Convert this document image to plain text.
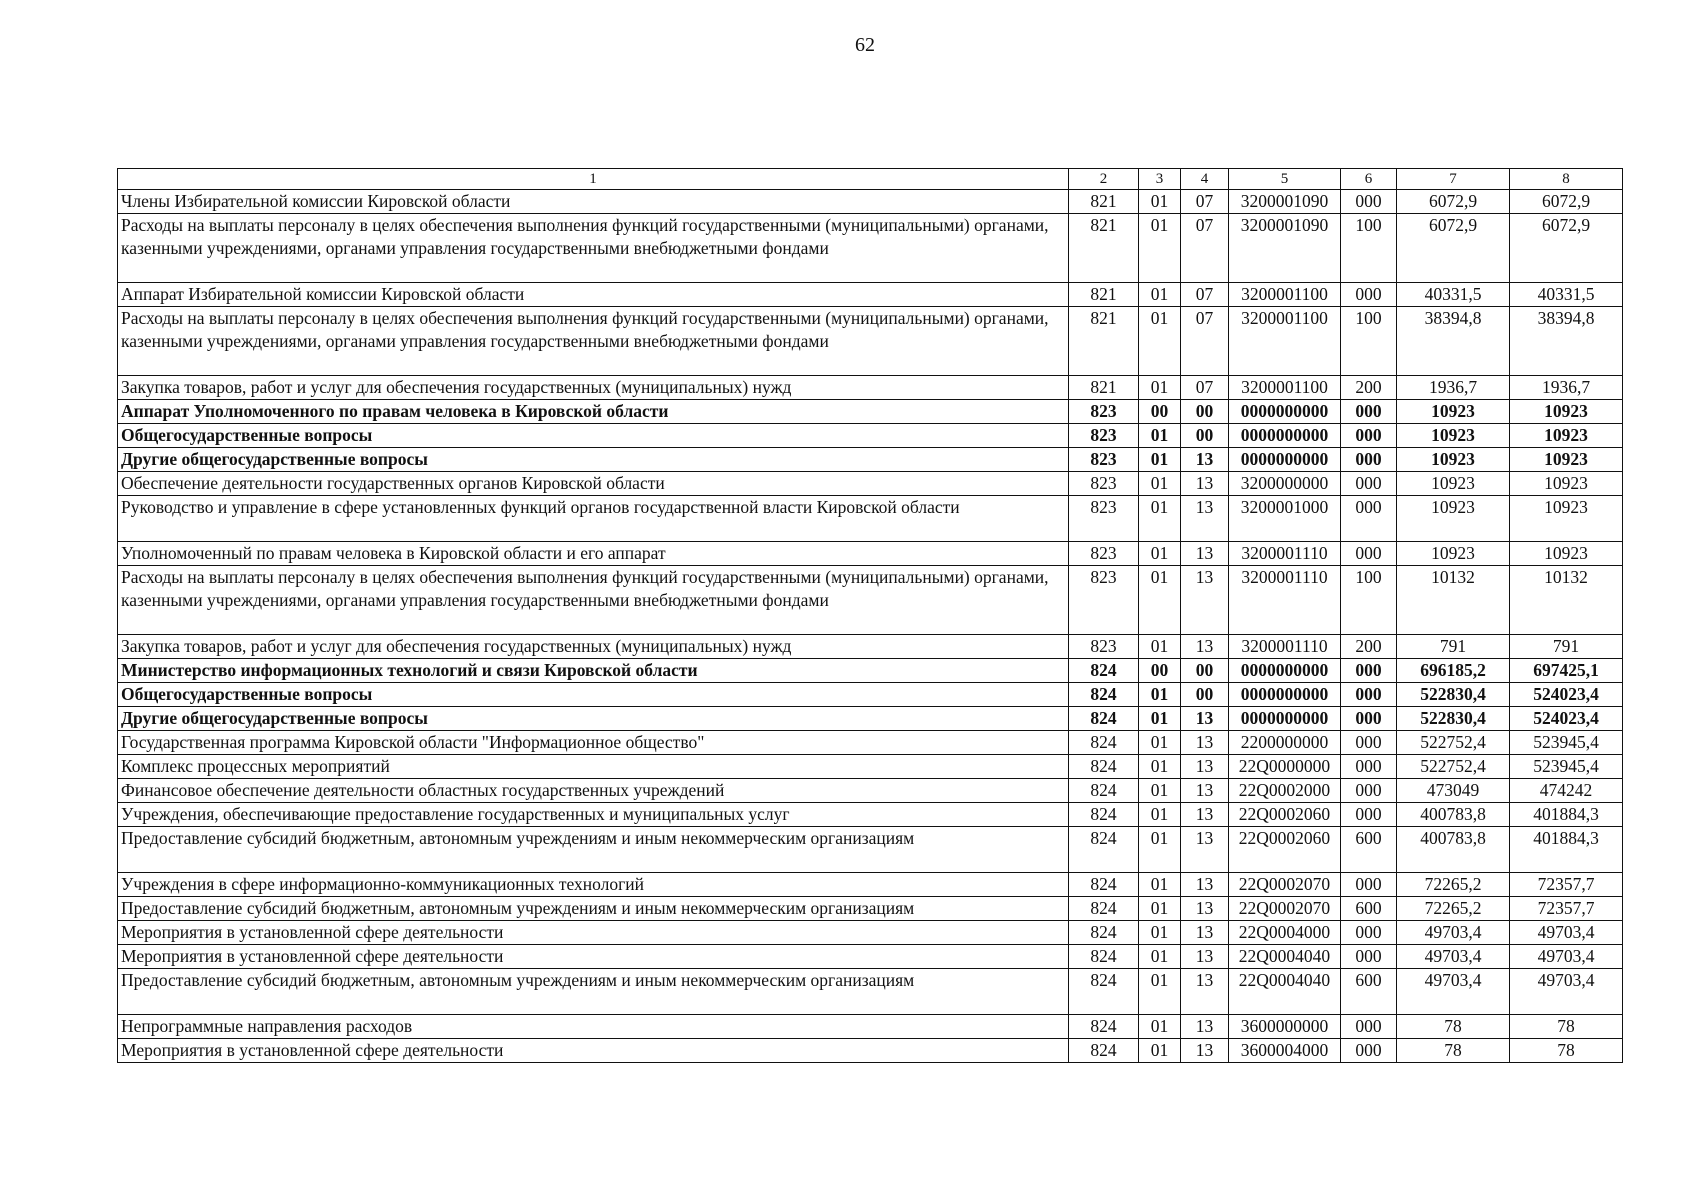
62
1	2	3	4	5	6	7	8
Члены Избирательной комиссии Кировской области	821	01	07	3200001090	000	6072,9	6072,9
Расходы на выплаты персоналу в целях обеспечения выполнения функций государственными (муниципальными) органами, казенными учреждениями, органами управления государственными внебюджетными фондами	821	01	07	3200001090	100	6072,9	6072,9
Аппарат Избирательной комиссии Кировской области	821	01	07	3200001100	000	40331,5	40331,5
Расходы на выплаты персоналу в целях обеспечения выполнения функций государственными (муниципальными) органами, казенными учреждениями, органами управления государственными внебюджетными фондами	821	01	07	3200001100	100	38394,8	38394,8
Закупка товаров, работ и услуг для обеспечения государственных (муниципальных) нужд	821	01	07	3200001100	200	1936,7	1936,7
Аппарат Уполномоченного по правам человека в Кировской области	823	00	00	0000000000	000	10923	10923
Общегосударственные вопросы	823	01	00	0000000000	000	10923	10923
Другие общегосударственные вопросы	823	01	13	0000000000	000	10923	10923
Обеспечение деятельности государственных органов Кировской области	823	01	13	3200000000	000	10923	10923
Руководство и управление в сфере установленных функций органов государственной власти Кировской области	823	01	13	3200001000	000	10923	10923
Уполномоченный по правам человека в Кировской области и его аппарат	823	01	13	3200001110	000	10923	10923
Расходы на выплаты персоналу в целях обеспечения выполнения функций государственными (муниципальными) органами, казенными учреждениями, органами управления государственными внебюджетными фондами	823	01	13	3200001110	100	10132	10132
Закупка товаров, работ и услуг для обеспечения государственных (муниципальных) нужд	823	01	13	3200001110	200	791	791
Министерство информационных технологий и связи Кировской области	824	00	00	0000000000	000	696185,2	697425,1
Общегосударственные вопросы	824	01	00	0000000000	000	522830,4	524023,4
Другие общегосударственные вопросы	824	01	13	0000000000	000	522830,4	524023,4
Государственная программа Кировской области "Информационное общество"	824	01	13	2200000000	000	522752,4	523945,4
Комплекс процессных мероприятий	824	01	13	22Q0000000	000	522752,4	523945,4
Финансовое обеспечение деятельности областных государственных учреждений	824	01	13	22Q0002000	000	473049	474242
Учреждения, обеспечивающие предоставление государственных и муниципальных услуг	824	01	13	22Q0002060	000	400783,8	401884,3
Предоставление субсидий бюджетным, автономным учреждениям и иным некоммерческим организациям	824	01	13	22Q0002060	600	400783,8	401884,3
Учреждения в сфере информационно-коммуникационных технологий	824	01	13	22Q0002070	000	72265,2	72357,7
Предоставление субсидий бюджетным, автономным учреждениям и иным некоммерческим организациям	824	01	13	22Q0002070	600	72265,2	72357,7
Мероприятия в установленной сфере деятельности	824	01	13	22Q0004000	000	49703,4	49703,4
Мероприятия в установленной сфере деятельности	824	01	13	22Q0004040	000	49703,4	49703,4
Предоставление субсидий бюджетным, автономным учреждениям и иным некоммерческим организациям	824	01	13	22Q0004040	600	49703,4	49703,4
Непрограммные направления расходов	824	01	13	3600000000	000	78	78
Мероприятия в установленной сфере деятельности	824	01	13	3600004000	000	78	78
